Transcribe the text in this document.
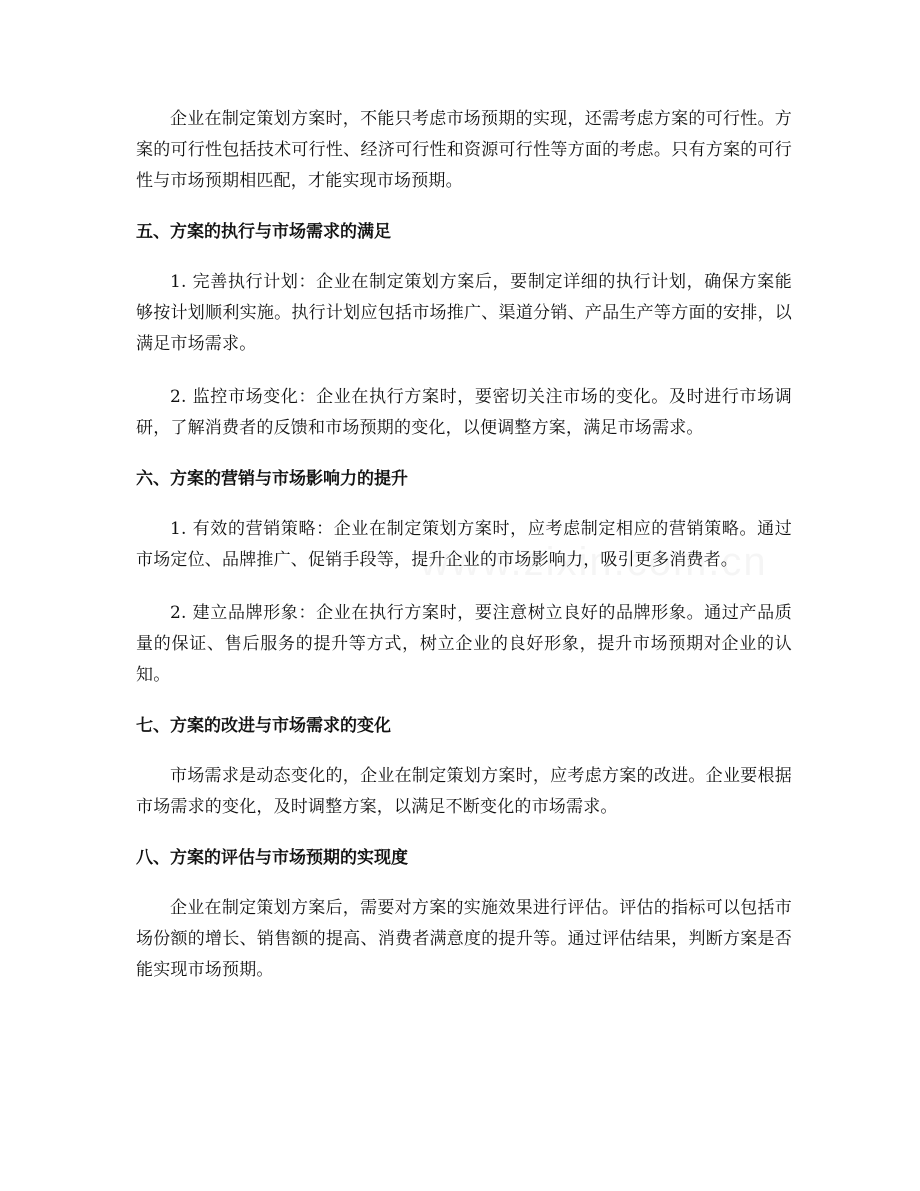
企业在制定策划方案时，不能只考虑市场预期的实现，还需考虑方案的可行性。方案的可行性包括技术可行性、经济可行性和资源可行性等方面的考虑。只有方案的可行性与市场预期相匹配，才能实现市场预期。

五、方案的执行与市场需求的满足

1. 完善执行计划：企业在制定策划方案后，要制定详细的执行计划，确保方案能够按计划顺利实施。执行计划应包括市场推广、渠道分销、产品生产等方面的安排，以满足市场需求。

2. 监控市场变化：企业在执行方案时，要密切关注市场的变化。及时进行市场调研，了解消费者的反馈和市场预期的变化，以便调整方案，满足市场需求。

六、方案的营销与市场影响力的提升

1. 有效的营销策略：企业在制定策划方案时，应考虑制定相应的营销策略。通过市场定位、品牌推广、促销手段等，提升企业的市场影响力，吸引更多消费者。

2. 建立品牌形象：企业在执行方案时，要注意树立良好的品牌形象。通过产品质量的保证、售后服务的提升等方式，树立企业的良好形象，提升市场预期对企业的认知。

七、方案的改进与市场需求的变化

市场需求是动态变化的，企业在制定策划方案时，应考虑方案的改进。企业要根据市场需求的变化，及时调整方案，以满足不断变化的市场需求。

八、方案的评估与市场预期的实现度

企业在制定策划方案后，需要对方案的实施效果进行评估。评估的指标可以包括市场份额的增长、销售额的提高、消费者满意度的提升等。通过评估结果，判断方案是否能实现市场预期。
